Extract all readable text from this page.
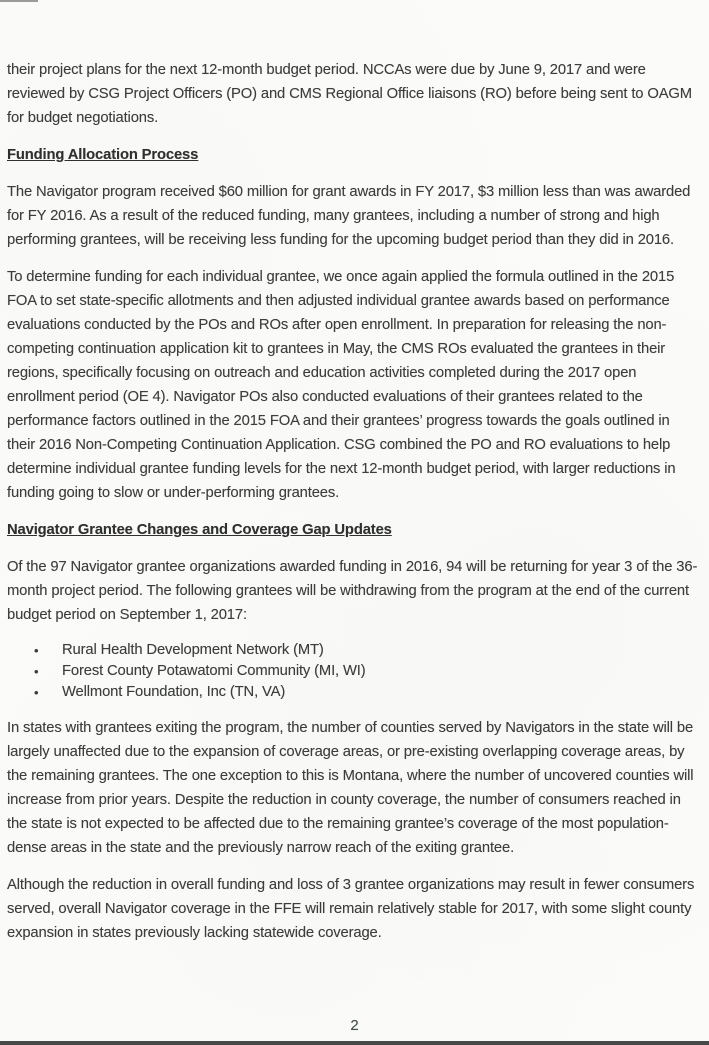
their project plans for the next 12-month budget period. NCCAs were due by June 9, 2017 and were reviewed by CSG Project Officers (PO) and CMS Regional Office liaisons (RO) before being sent to OAGM for budget negotiations.

Funding Allocation Process

The Navigator program received $60 million for grant awards in FY 2017, $3 million less than was awarded for FY 2016. As a result of the reduced funding, many grantees, including a number of strong and high performing grantees, will be receiving less funding for the upcoming budget period than they did in 2016.

To determine funding for each individual grantee, we once again applied the formula outlined in the 2015 FOA to set state-specific allotments and then adjusted individual grantee awards based on performance evaluations conducted by the POs and ROs after open enrollment. In preparation for releasing the non-competing continuation application kit to grantees in May, the CMS ROs evaluated the grantees in their regions, specifically focusing on outreach and education activities completed during the 2017 open enrollment period (OE 4). Navigator POs also conducted evaluations of their grantees related to the performance factors outlined in the 2015 FOA and their grantees’ progress towards the goals outlined in their 2016 Non-Competing Continuation Application. CSG combined the PO and RO evaluations to help determine individual grantee funding levels for the next 12-month budget period, with larger reductions in funding going to slow or under-performing grantees.

Navigator Grantee Changes and Coverage Gap Updates

Of the 97 Navigator grantee organizations awarded funding in 2016, 94 will be returning for year 3 of the 36-month project period. The following grantees will be withdrawing from the program at the end of the current budget period on September 1, 2017:

• Rural Health Development Network (MT)
• Forest County Potawatomi Community (MI, WI)
• Wellmont Foundation, Inc (TN, VA)

In states with grantees exiting the program, the number of counties served by Navigators in the state will be largely unaffected due to the expansion of coverage areas, or pre-existing overlapping coverage areas, by the remaining grantees. The one exception to this is Montana, where the number of uncovered counties will increase from prior years. Despite the reduction in county coverage, the number of consumers reached in the state is not expected to be affected due to the remaining grantee’s coverage of the most population-dense areas in the state and the previously narrow reach of the exiting grantee.

Although the reduction in overall funding and loss of 3 grantee organizations may result in fewer consumers served, overall Navigator coverage in the FFE will remain relatively stable for 2017, with some slight county expansion in states previously lacking statewide coverage.

2
